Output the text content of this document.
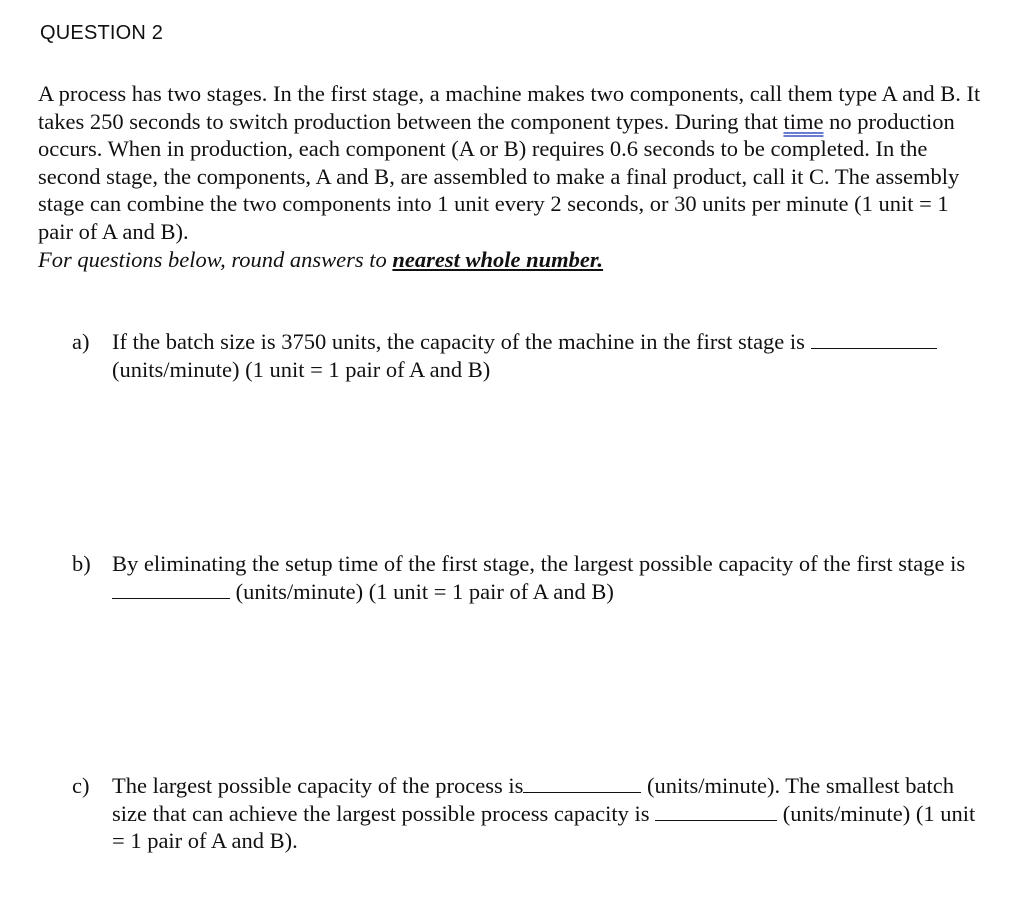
QUESTION 2
A process has two stages. In the first stage, a machine makes two components, call them type A and B. It takes 250 seconds to switch production between the component types. During that time no production occurs. When in production, each component (A or B) requires 0.6 seconds to be completed. In the second stage, the components, A and B, are assembled to make a final product, call it C. The assembly stage can combine the two components into 1 unit every 2 seconds, or 30 units per minute (1 unit = 1 pair of A and B).
For questions below, round answers to nearest whole number.
a) If the batch size is 3750 units, the capacity of the machine in the first stage is
(units/minute) (1 unit = 1 pair of A and B)
b) By eliminating the setup time of the first stage, the largest possible capacity of the first stage is  (units/minute) (1 unit = 1 pair of A and B)
c) The largest possible capacity of the process is	(units/minute). The smallest batch size that can achieve the largest possible process capacity is	(units/minute) (1 unit = 1 pair of A and B).
